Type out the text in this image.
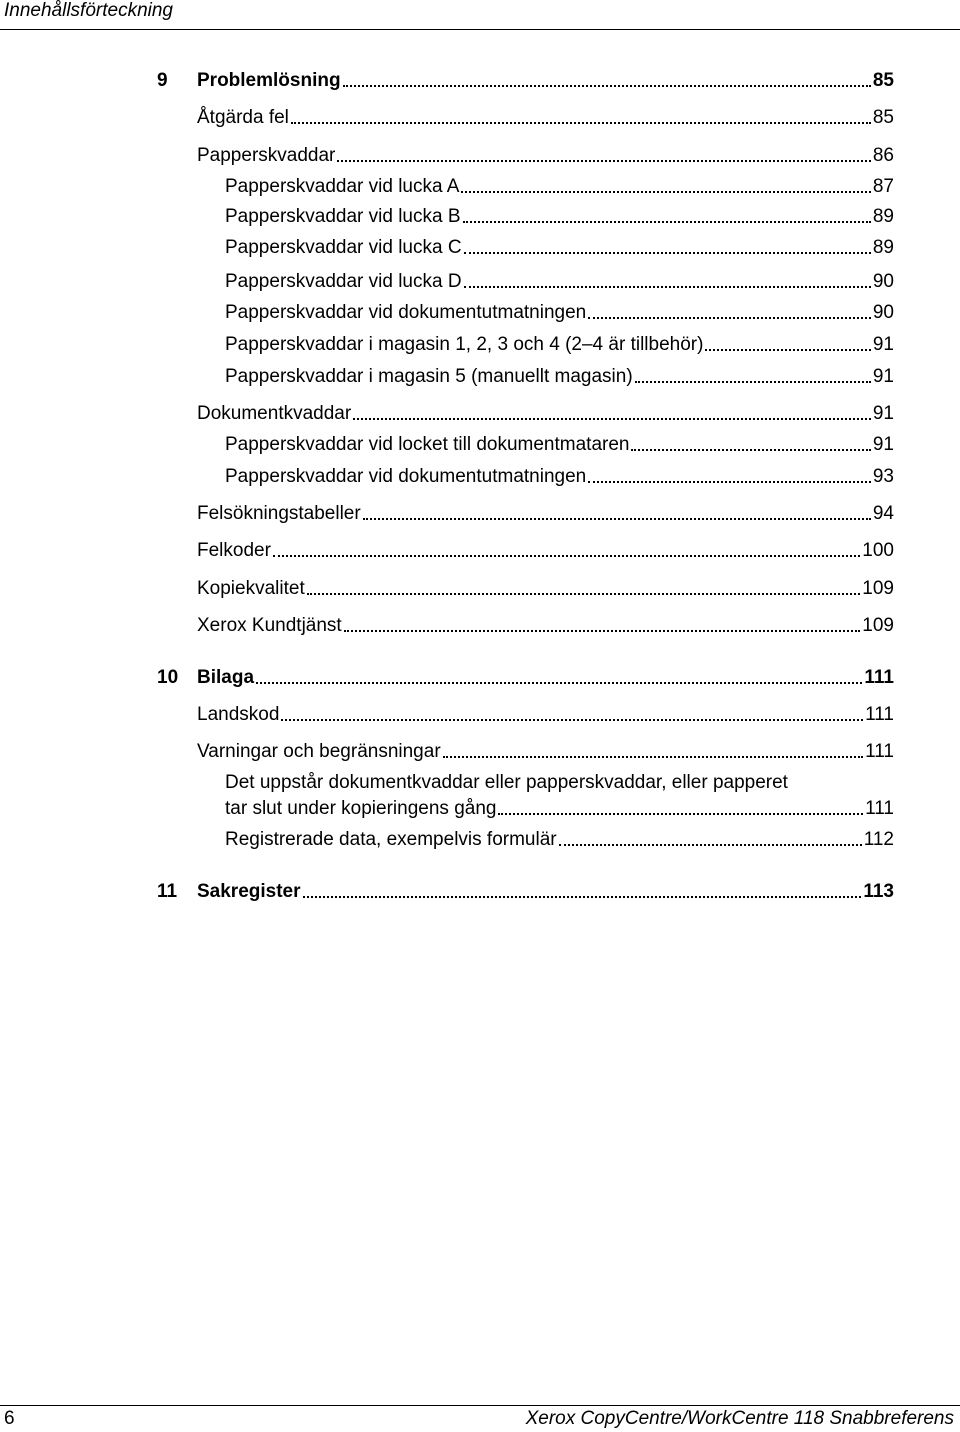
Innehållsförteckning
9 Problemlösning	85
Åtgärda fel	85
Papperskvaddar	86
Papperskvaddar vid lucka A	87
Papperskvaddar vid lucka B	89
Papperskvaddar vid lucka C	89
Papperskvaddar vid lucka D	90
Papperskvaddar vid dokumentutmatningen	90
Papperskvaddar i magasin 1, 2, 3 och 4 (2–4 är tillbehör)	91
Papperskvaddar i magasin 5 (manuellt magasin)	91
Dokumentkvaddar	91
Papperskvaddar vid locket till dokumentmataren	91
Papperskvaddar vid dokumentutmatningen	93
Felsökningstabeller	94
Felkoder	100
Kopiekvalitet	109
Xerox Kundtjänst	109
10 Bilaga	111
Landskod	111
Varningar och begränsningar	111
Det uppstår dokumentkvaddar eller papperskvaddar, eller papperet
tar slut under kopieringens gång	111
Registrerade data, exempelvis formulär	112
11 Sakregister	113
6	Xerox CopyCentre/WorkCentre 118 Snabbreferens
